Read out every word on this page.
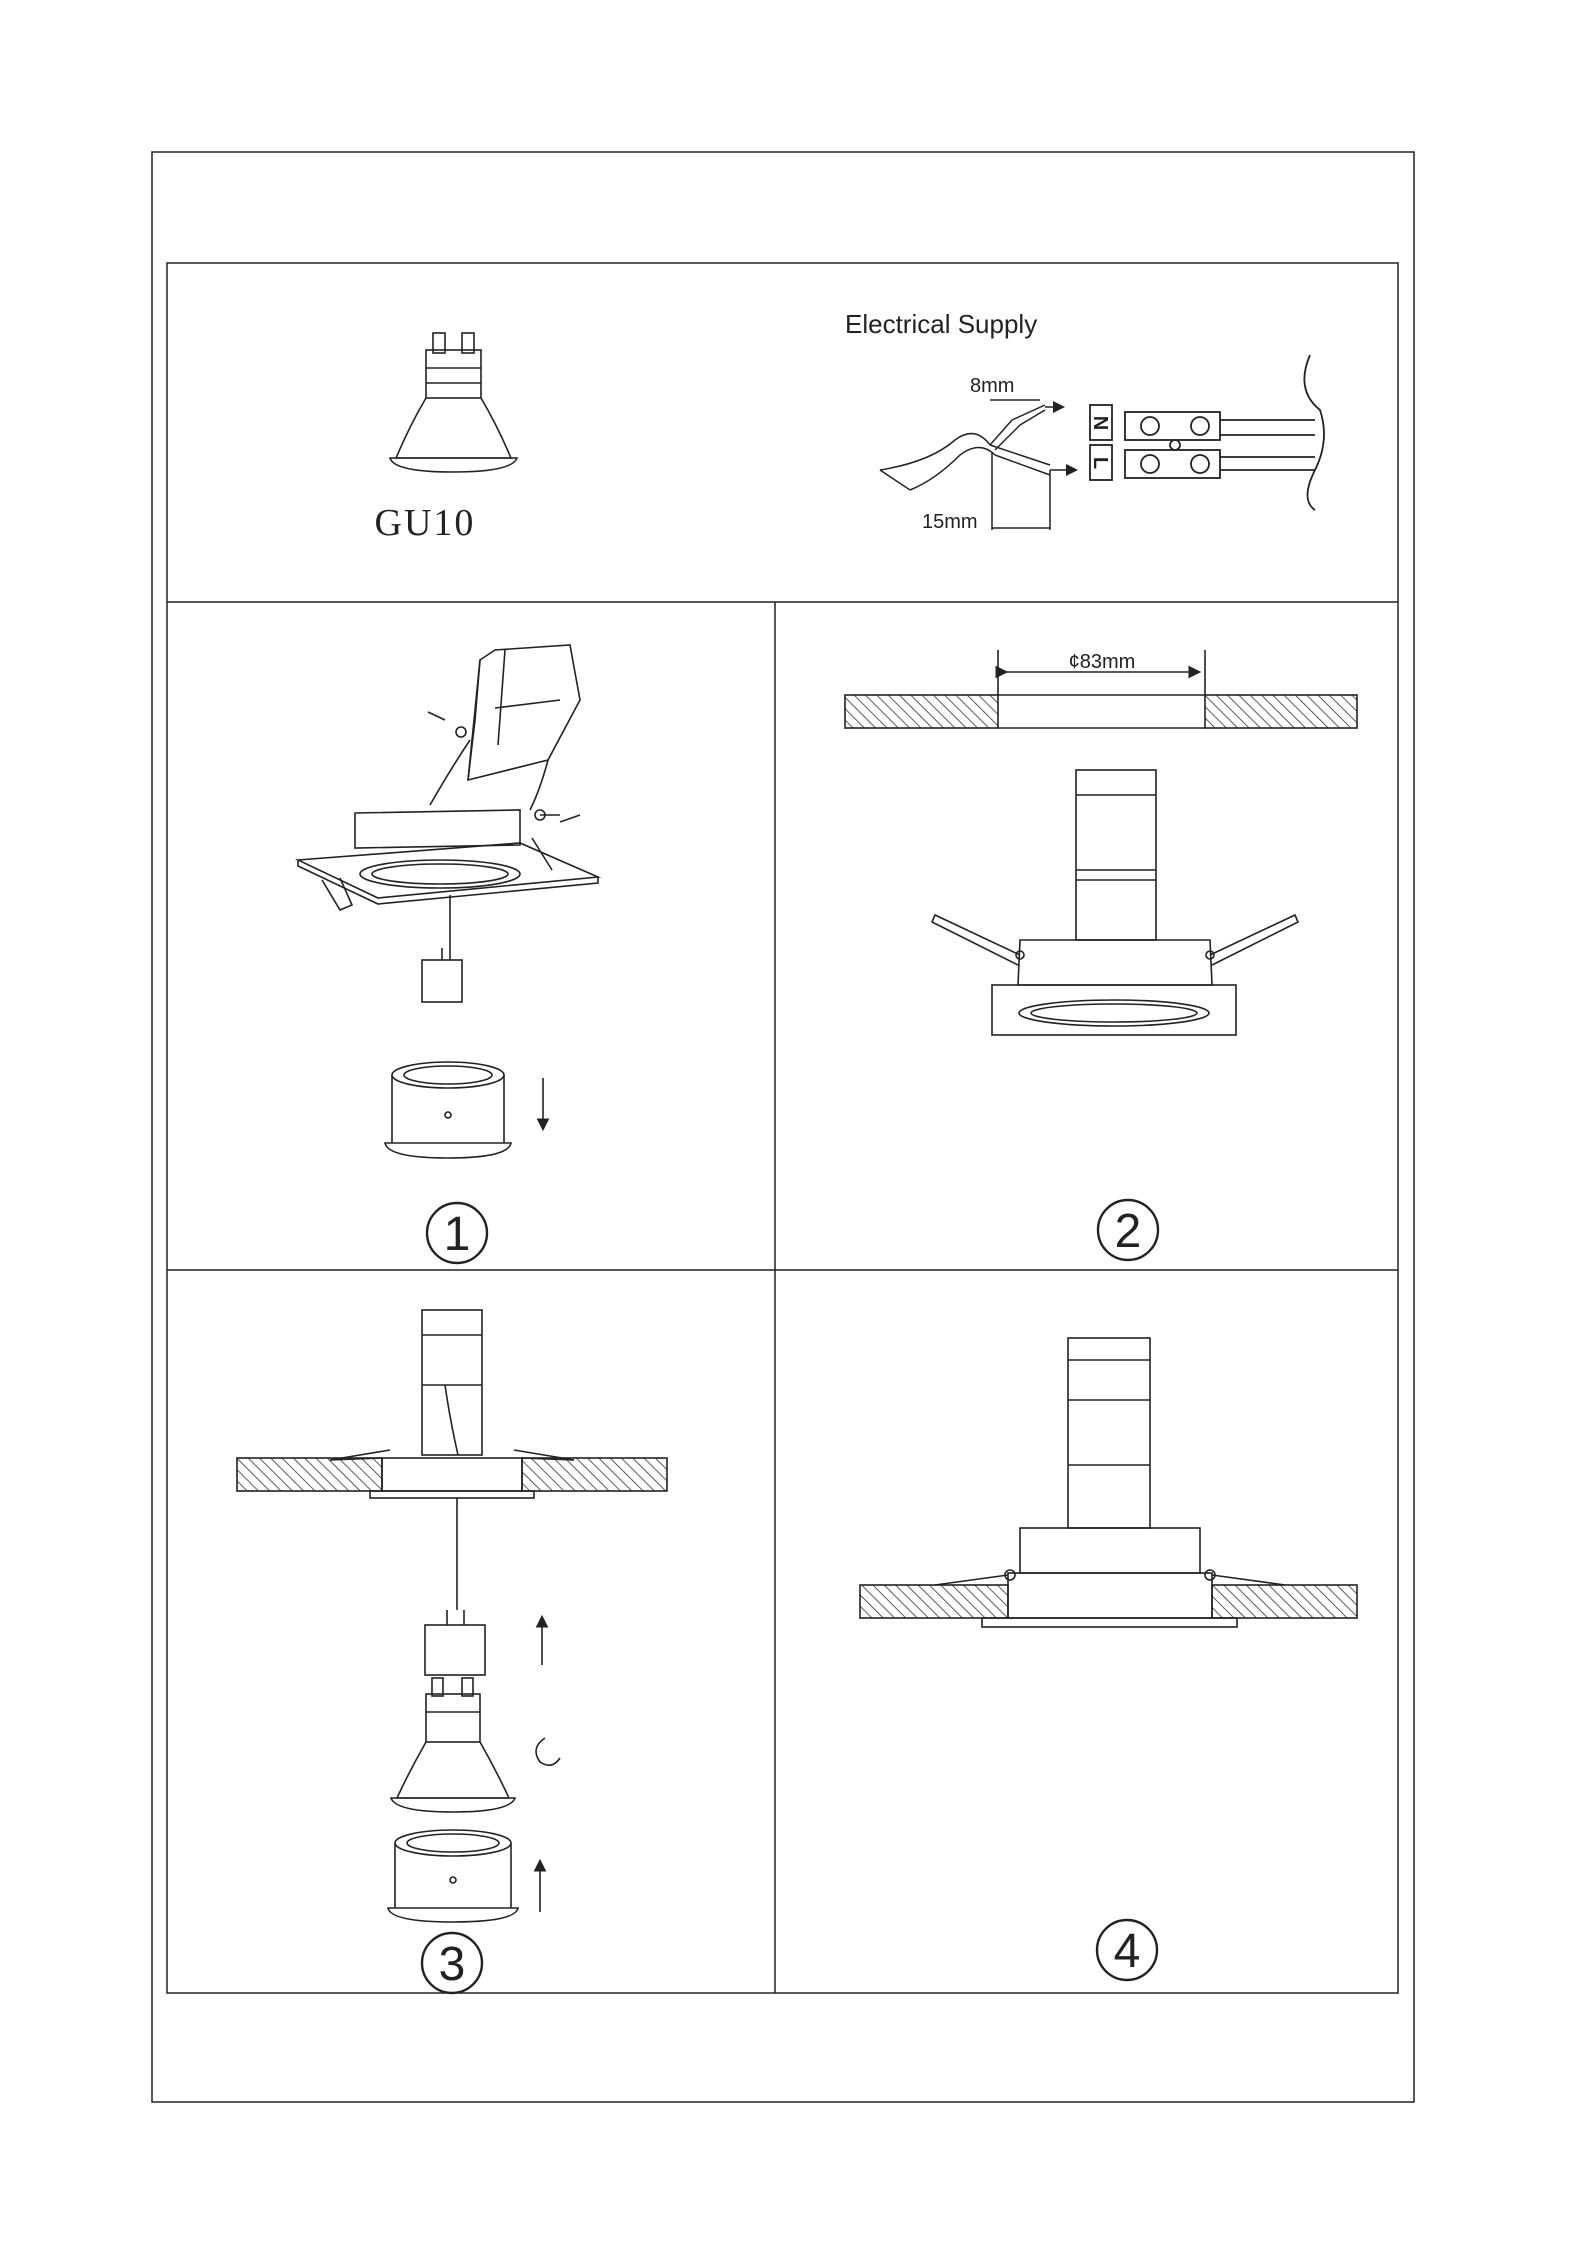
GU10
Electrical Supply
8mm
15mm
N
L
1
¢83mm
2
3	4
